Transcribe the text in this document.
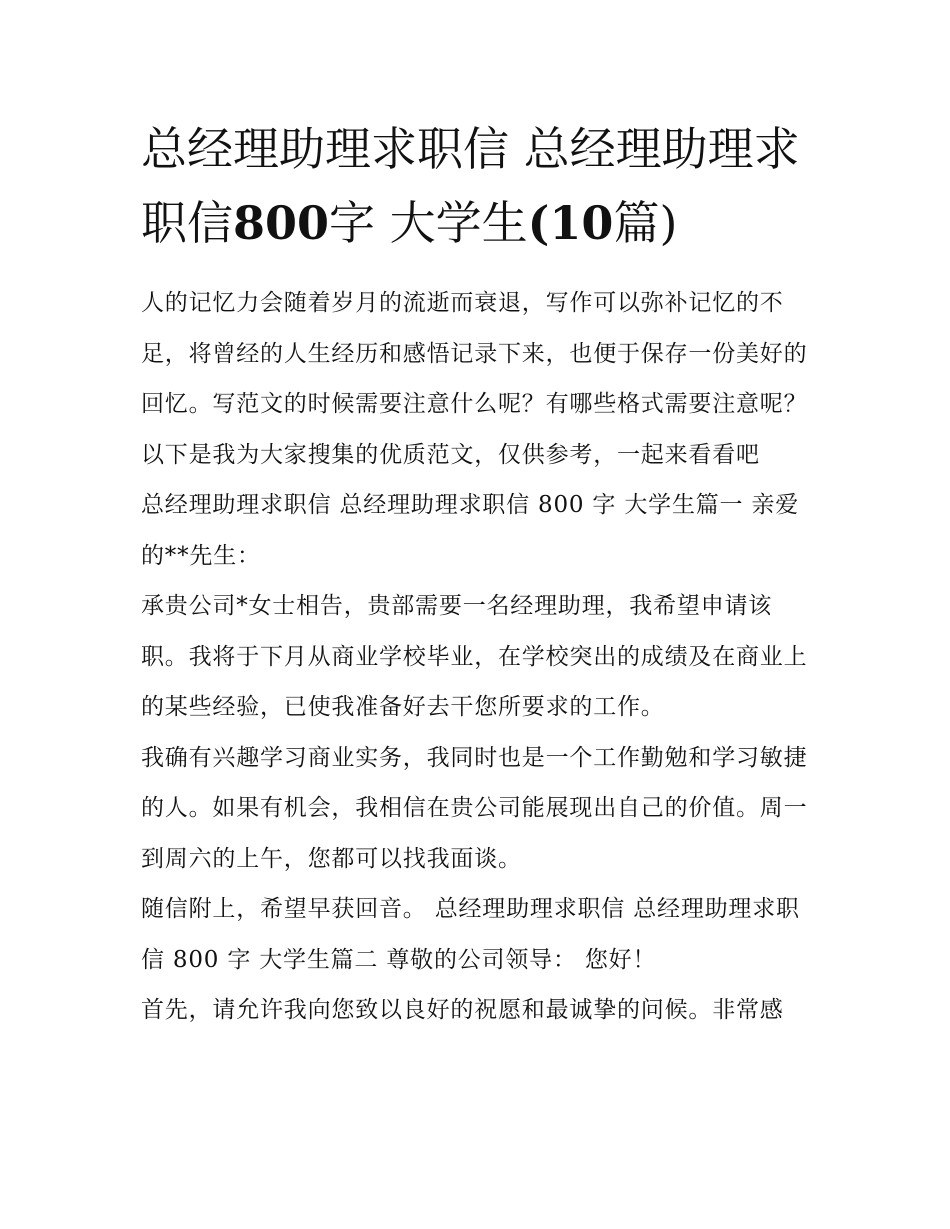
总经理助理求职信 总经理助理求职信800字 大学生(10篇)

人的记忆力会随着岁月的流逝而衰退，写作可以弥补记忆的不足，将曾经的人生经历和感悟记录下来，也便于保存一份美好的回忆。写范文的时候需要注意什么呢？有哪些格式需要注意呢？以下是我为大家搜集的优质范文，仅供参考，一起来看看吧

总经理助理求职信 总经理助理求职信 800 字 大学生篇一 亲爱的**先生：

承贵公司*女士相告，贵部需要一名经理助理，我希望申请该职。我将于下月从商业学校毕业，在学校突出的成绩及在商业上的某些经验，已使我准备好去干您所要求的工作。

我确有兴趣学习商业实务，我同时也是一个工作勤勉和学习敏捷的人。如果有机会，我相信在贵公司能展现出自己的价值。周一到周六的上午，您都可以找我面谈。

随信附上，希望早获回音。 总经理助理求职信 总经理助理求职信 800 字 大学生篇二 尊敬的公司领导： 您好！

首先，请允许我向您致以良好的祝愿和最诚挚的问候。非常感
